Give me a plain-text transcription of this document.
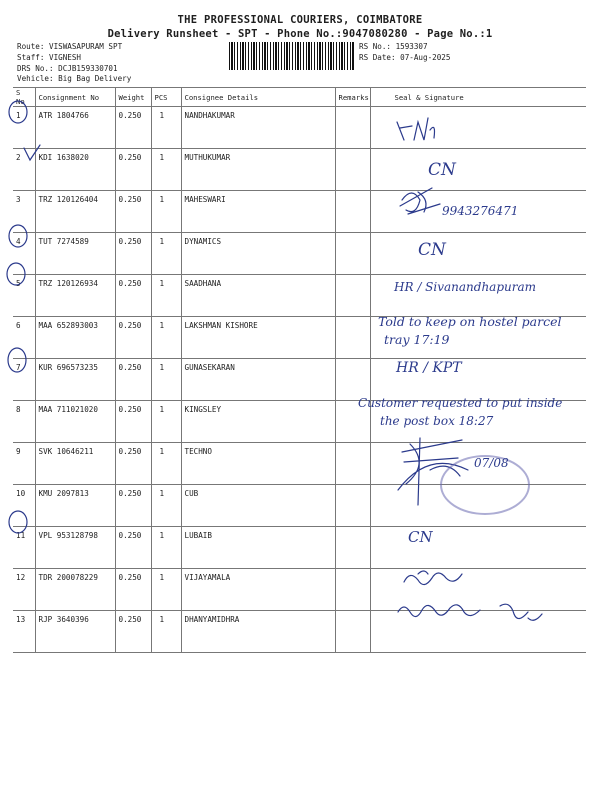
THE PROFESSIONAL COURIERS, COIMBATORE
Delivery Runsheet - SPT - Phone No.:9047080280 - Page No.:1
Route: VISWASAPURAM SPT
Staff: VIGNESH
DRS No.: DCJB159330701
Vehicle: Big Bag Delivery
RS No.: 1593307
RS Date: 07-Aug-2025
S No	Consignment No	Weight	PCS	Consignee Details	Remarks	Seal & Signature
1	ATR 1804766	0.250	1	NANDHAKUMAR		
2	KDI 1638020	0.250	1	MUTHUKUMAR		
3	TRZ 120126404	0.250	1	MAHESWARI		
4	TUT 7274589	0.250	1	DYNAMICS		
5	TRZ 120126934	0.250	1	SAADHANA		
6	MAA 652893003	0.250	1	LAKSHMAN KISHORE		
7	KUR 696573235	0.250	1	GUNASEKARAN		
8	MAA 711021020	0.250	1	KINGSLEY		
9	SVK 10646211	0.250	1	TECHNO		
10	KMU 2097813	0.250	1	CUB		
11	VPL 953128798	0.250	1	LUBAIB		
12	TDR 200078229	0.250	1	VIJAYAMALA		
13	RJP 3640396	0.250	1	DHANYAMIDHRA		
CN
9943276471
CN
HR / Sivanandhapuram
Told to keep on hostel parcel
tray 17:19
HR / KPT
Customer requested to put inside
the post box 18:27
07/08
CN
